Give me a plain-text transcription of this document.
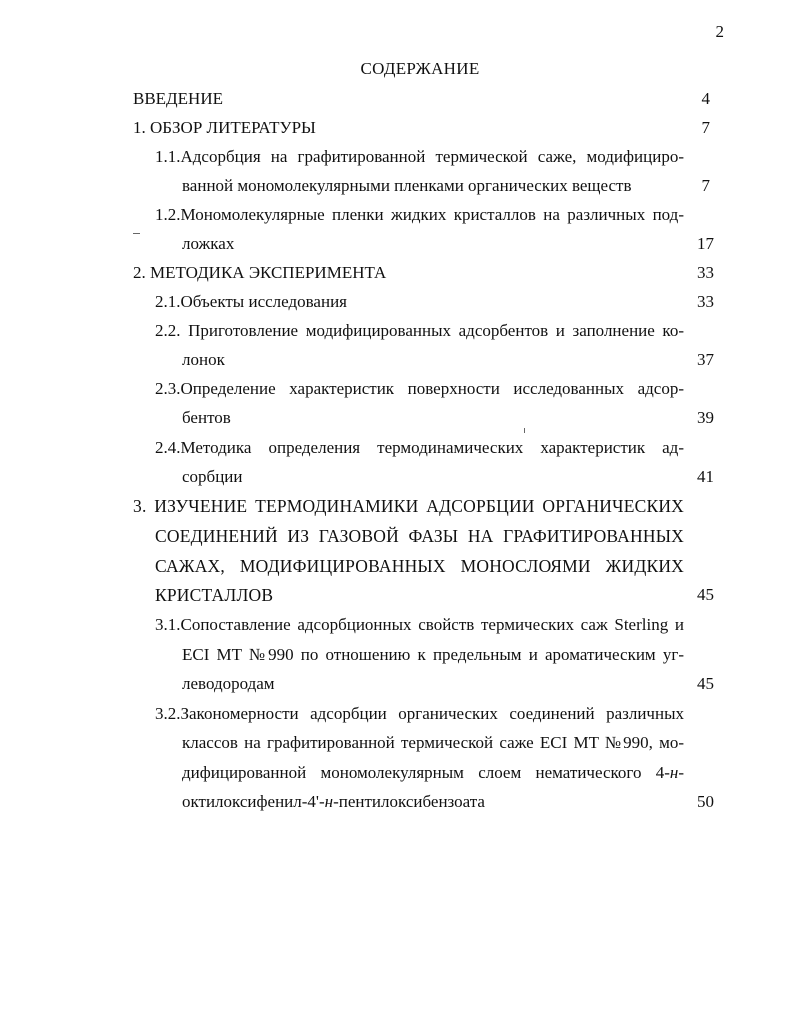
2
СОДЕРЖАНИЕ
ВВЕДЕНИЕ	4
1. ОБЗОР ЛИТЕРАТУРЫ	7
1.1.Адсорбция на графитированной термической саже, модифициро-
ванной мономолекулярными пленками органических веществ	7
1.2.Мономолекулярные пленки жидких кристаллов на различных под-
ложках	17
2. МЕТОДИКА ЭКСПЕРИМЕНТА	33
2.1.Объекты исследования	33
2.2. Приготовление модифицированных адсорбентов и заполнение ко-
лонок	37
2.3.Определение характеристик поверхности исследованных адсор-
бентов	39
2.4.Методика определения термодинамических характеристик ад-
сорбции	41
3. ИЗУЧЕНИЕ ТЕРМОДИНАМИКИ АДСОРБЦИИ ОРГАНИЧЕСКИХ
СОЕДИНЕНИЙ ИЗ ГАЗОВОЙ ФАЗЫ НА ГРАФИТИРОВАННЫХ
САЖАХ, МОДИФИЦИРОВАННЫХ МОНОСЛОЯМИ ЖИДКИХ
КРИСТАЛЛОВ	45
3.1.Сопоставление адсорбционных свойств термических саж Sterling и
ECI MT №990 по отношению к предельным и ароматическим уг-
леводородам	45
3.2.Закономерности адсорбции органических соединений различных
классов на графитированной термической саже ECI MT №990, мо-
дифицированной мономолекулярным слоем нематического 4-н-
октилоксифенил-4'-н-пентилоксибензоата	50
